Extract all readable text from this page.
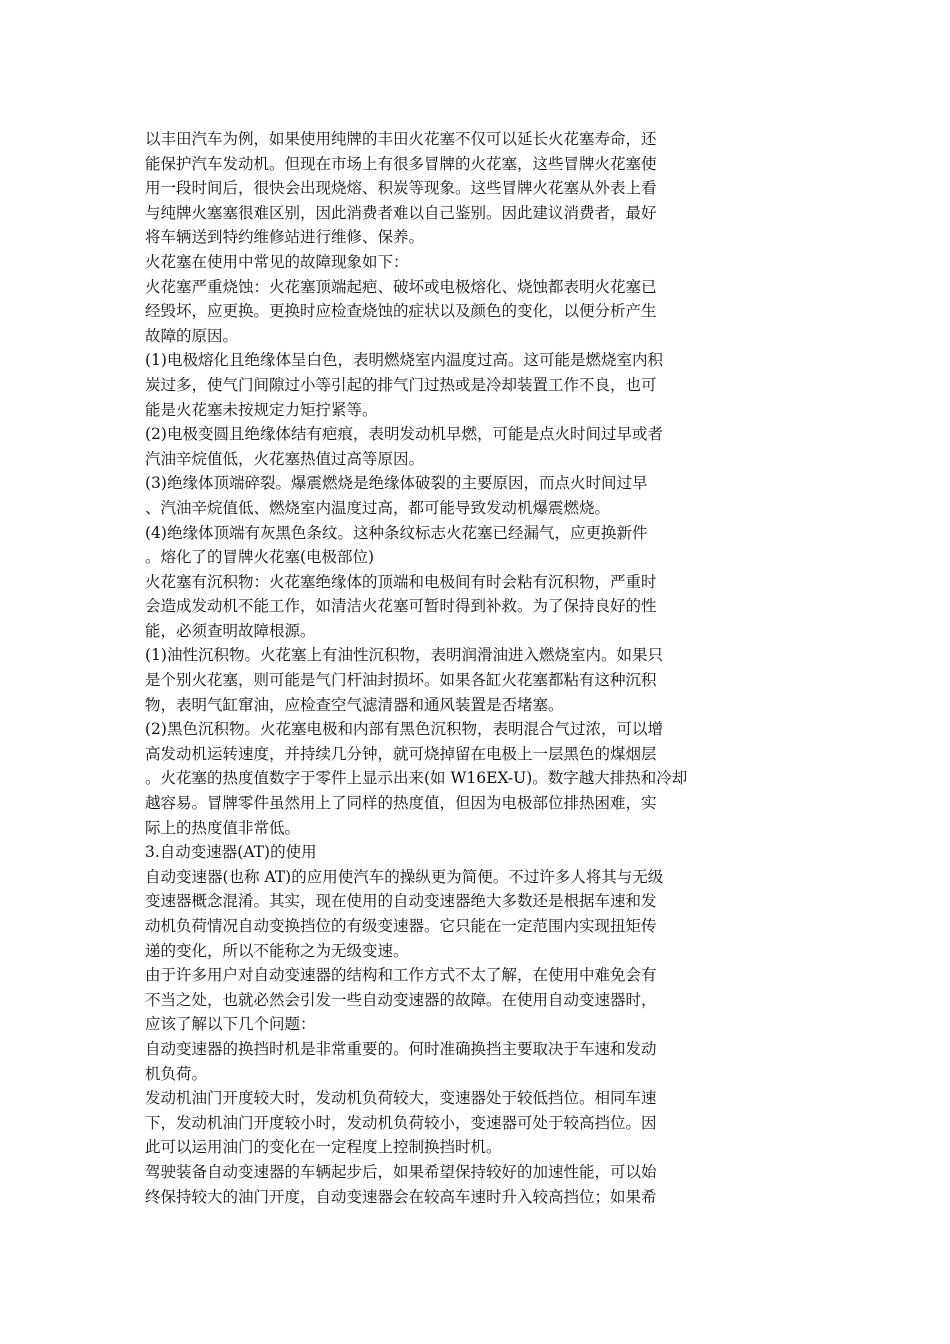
以丰田汽车为例，如果使用纯牌的丰田火花塞不仅可以延长火花塞寿命，还
能保护汽车发动机。但现在市场上有很多冒牌的火花塞，这些冒牌火花塞使
用一段时间后，很快会出现烧熔、积炭等现象。这些冒牌火花塞从外表上看
与纯牌火塞塞很难区别，因此消费者难以自己鉴别。因此建议消费者，最好
将车辆送到特约维修站进行维修、保养。

火花塞在使用中常见的故障现象如下：

火花塞严重烧蚀：火花塞顶端起疤、破坏或电极熔化、烧蚀都表明火花塞已
经毁坏，应更换。更换时应检查烧蚀的症状以及颜色的变化，以便分析产生
故障的原因。

(1)电极熔化且绝缘体呈白色，表明燃烧室内温度过高。这可能是燃烧室内积
炭过多，使气门间隙过小等引起的排气门过热或是冷却装置工作不良，也可
能是火花塞未按规定力矩拧紧等。

(2)电极变圆且绝缘体结有疤痕，表明发动机早燃，可能是点火时间过早或者
汽油辛烷值低，火花塞热值过高等原因。

(3)绝缘体顶端碎裂。爆震燃烧是绝缘体破裂的主要原因，而点火时间过早
、汽油辛烷值低、燃烧室内温度过高，都可能导致发动机爆震燃烧。

(4)绝缘体顶端有灰黑色条纹。这种条纹标志火花塞已经漏气，应更换新件
。熔化了的冒牌火花塞(电极部位)

火花塞有沉积物：火花塞绝缘体的顶端和电极间有时会粘有沉积物，严重时
会造成发动机不能工作，如清洁火花塞可暂时得到补救。为了保持良好的性
能，必须查明故障根源。

(1)油性沉积物。火花塞上有油性沉积物，表明润滑油进入燃烧室内。如果只
是个别火花塞，则可能是气门杆油封损坏。如果各缸火花塞都粘有这种沉积
物，表明气缸窜油，应检查空气滤清器和通风装置是否堵塞。

(2)黑色沉积物。火花塞电极和内部有黑色沉积物，表明混合气过浓，可以增
高发动机运转速度，并持续几分钟，就可烧掉留在电极上一层黑色的煤烟层
。火花塞的热度值数字于零件上显示出来(如 W16EX-U)。数字越大排热和冷却
越容易。冒牌零件虽然用上了同样的热度值，但因为电极部位排热困难，实
际上的热度值非常低。

3.自动变速器(AT)的使用

自动变速器(也称 AT)的应用使汽车的操纵更为简便。不过许多人将其与无级
变速器概念混淆。其实，现在使用的自动变速器绝大多数还是根据车速和发
动机负荷情况自动变换挡位的有级变速器。它只能在一定范围内实现扭矩传
递的变化，所以不能称之为无级变速。

由于许多用户对自动变速器的结构和工作方式不太了解，在使用中难免会有
不当之处，也就必然会引发一些自动变速器的故障。在使用自动变速器时，
应该了解以下几个问题：

自动变速器的换挡时机是非常重要的。何时准确换挡主要取决于车速和发动
机负荷。

发动机油门开度较大时，发动机负荷较大，变速器处于较低挡位。相同车速
下，发动机油门开度较小时，发动机负荷较小，变速器可处于较高挡位。因
此可以运用油门的变化在一定程度上控制换挡时机。

驾驶装备自动变速器的车辆起步后，如果希望保持较好的加速性能，可以始
终保持较大的油门开度，自动变速器会在较高车速时升入较高挡位；如果希
